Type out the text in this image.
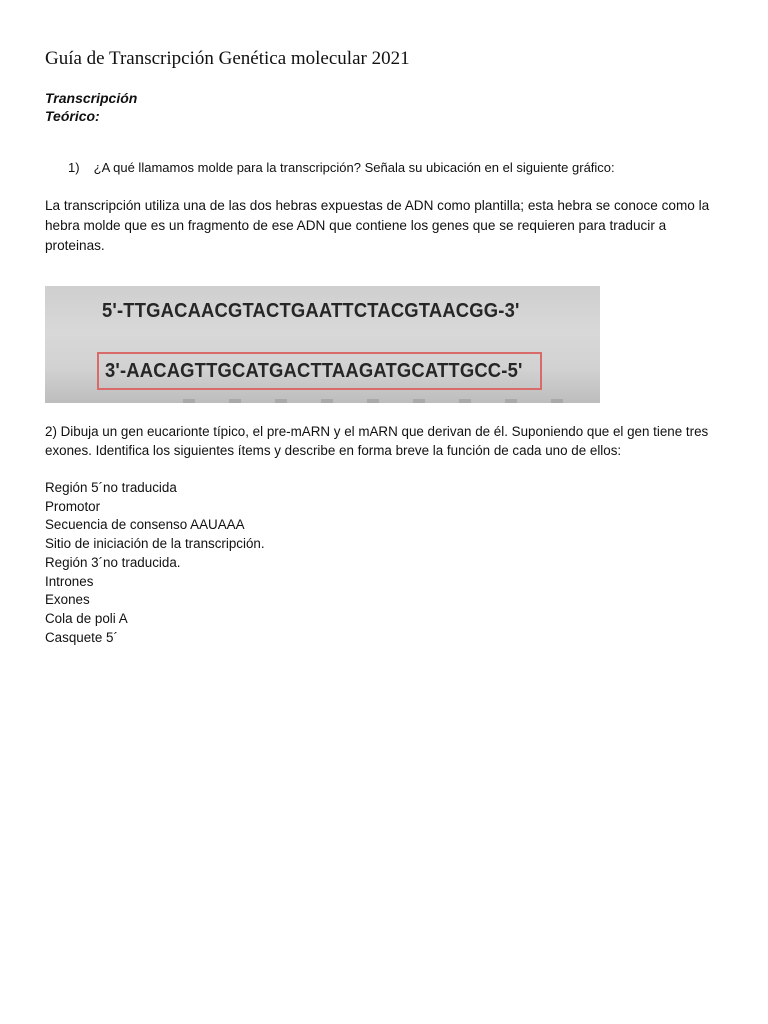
Guía de Transcripción Genética molecular 2021
Transcripción
Teórico:
1) ¿A qué llamamos molde para la transcripción? Señala su ubicación en el siguiente gráfico:
La transcripción utiliza una de las dos hebras expuestas de ADN como plantilla; esta hebra se conoce como la hebra molde que es un fragmento de ese ADN que contiene los genes que se requieren para traducir a proteinas.
5'-TTGACAACGTACTGAATTCTACGTAACGG-3'
3'-AACAGTTGCATGACTTAAGATGCATTGCC-5'
2) Dibuja un gen eucarionte típico, el pre-mARN y el mARN que derivan de él. Suponiendo que el gen tiene tres exones. Identifica los siguientes ítems y describe en forma breve la función de cada uno de ellos:
Región 5´no traducida
Promotor
Secuencia de consenso AAUAAA
Sitio de iniciación de la transcripción.
Región 3´no traducida.
Intrones
Exones
Cola de poli A
Casquete 5´
